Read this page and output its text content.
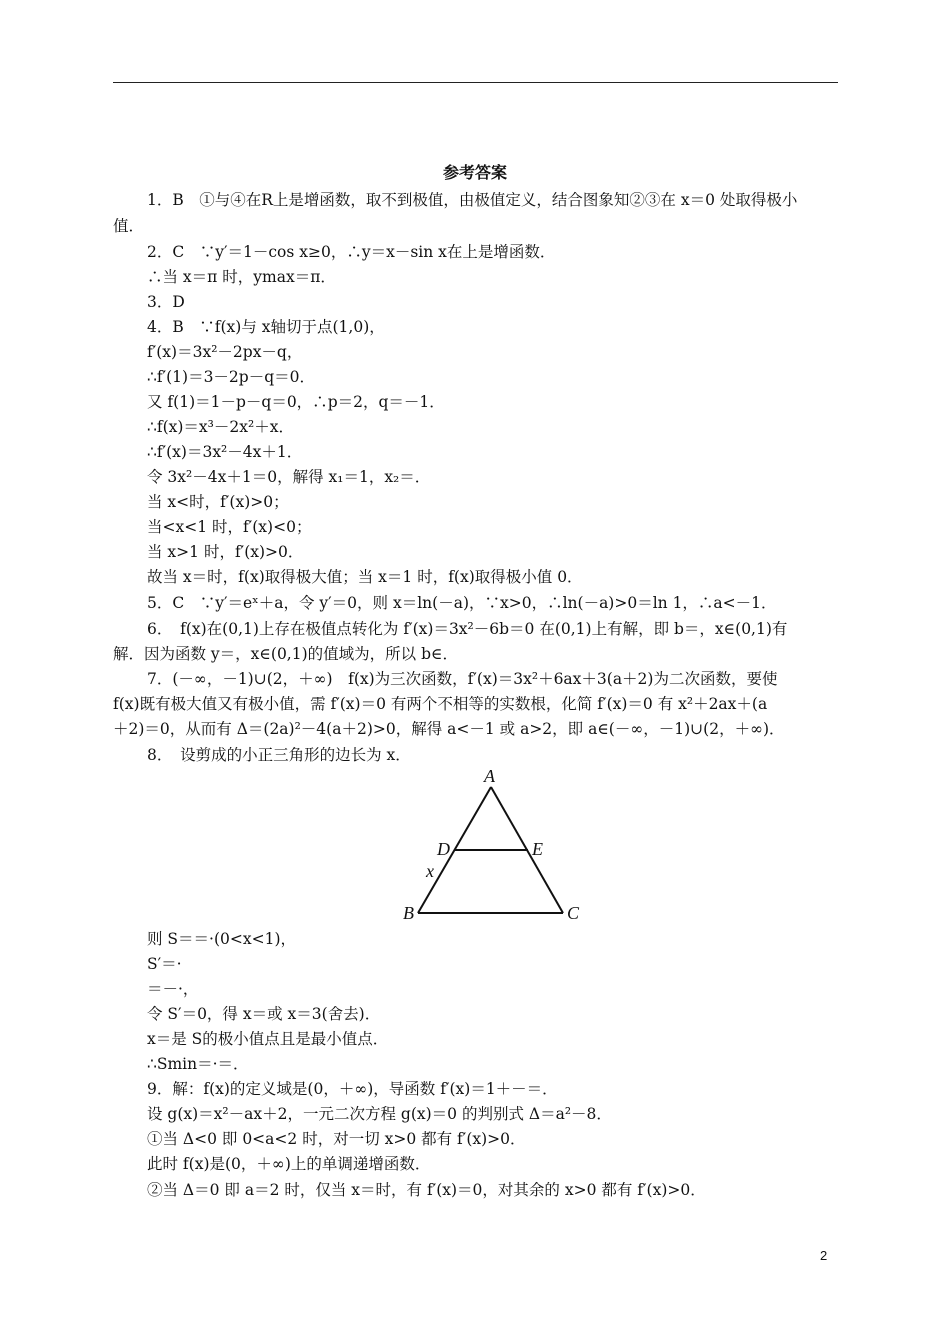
参考答案
1．B　①与④在R上是增函数，取不到极值，由极值定义，结合图象知②③在 x＝0 处取得极小
值．
2．C　∵y′＝1－cos x≥0，∴y＝x－sin x在上是增函数．
∴当 x＝π 时，ymax＝π．
3．D
4．B　∵f(x)与 x轴切于点(1,0)，
f′(x)＝3x²－2px－q，
∴f′(1)＝3－2p－q＝0．
又 f(1)＝1－p－q＝0，∴p＝2，q＝－1．
∴f(x)＝x³－2x²＋x．
∴f′(x)＝3x²－4x＋1．
令 3x²－4x＋1＝0，解得 x₁＝1，x₂＝．
当 x<时，f′(x)>0；
当<x<1 时，f′(x)<0；
当 x>1 时，f′(x)>0．
故当 x＝时，f(x)取得极大值；当 x＝1 时，f(x)取得极小值 0．
5．C　∵y′＝eˣ＋a，令 y′＝0，则 x＝ln(－a)，∵x>0，∴ln(－a)>0＝ln 1，∴a<－1．
6．　f(x)在(0,1)上存在极值点转化为 f′(x)＝3x²－6b＝0 在(0,1)上有解，即 b＝，x∈(0,1)有
解．因为函数 y＝，x∈(0,1)的值域为，所以 b∈．
7．(－∞，－1)∪(2，＋∞)　f(x)为三次函数，f′(x)＝3x²＋6ax＋3(a＋2)为二次函数，要使
f(x)既有极大值又有极小值，需 f′(x)＝0 有两个不相等的实数根，化简 f′(x)＝0 有 x²＋2ax＋(a
＋2)＝0，从而有 Δ＝(2a)²－4(a＋2)>0，解得 a<－1 或 a>2，即 a∈(－∞，－1)∪(2，＋∞)．
8．　设剪成的小正三角形的边长为 x．
A
D	E
x
B	C
则 S＝＝·(0<x<1)，
S′＝·
＝－·，
令 S′＝0，得 x＝或 x＝3(舍去)．
x＝是 S的极小值点且是最小值点．
∴Smin＝·＝．
9．解：f(x)的定义域是(0，＋∞)，导函数 f′(x)＝1＋－＝．
设 g(x)＝x²－ax＋2，一元二次方程 g(x)＝0 的判别式 Δ＝a²－8．
①当 Δ<0 即 0<a<2 时，对一切 x>0 都有 f′(x)>0．
此时 f(x)是(0，＋∞)上的单调递增函数．
②当 Δ＝0 即 a＝2 时，仅当 x＝时，有 f′(x)＝0，对其余的 x>0 都有 f′(x)>0．
2
